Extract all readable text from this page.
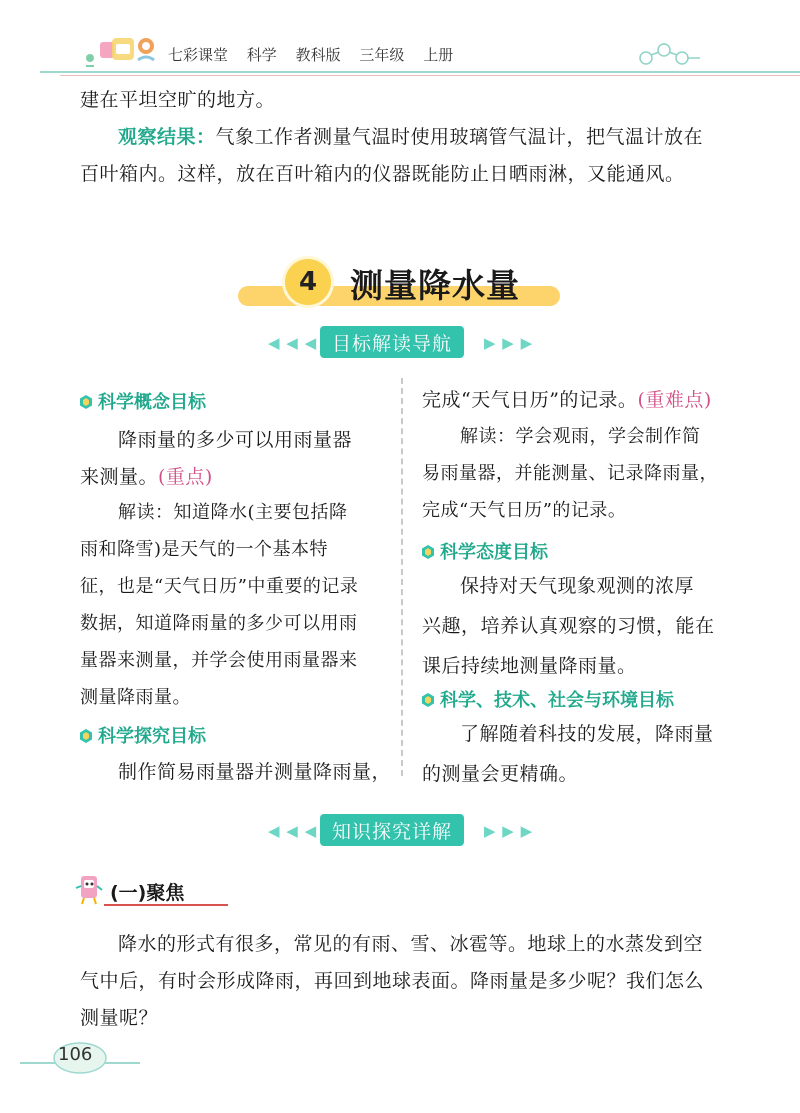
七彩课堂 科学 教科版 三年级 上册
建在平坦空旷的地方。
观察结果：气象工作者测量气温时使用玻璃管气温计，把气温计放在
百叶箱内。这样，放在百叶箱内的仪器既能防止日晒雨淋，又能通风。
4 测量降水量
◀ ◀ ◀ 目标解读导航	▶ ▶ ▶
科学概念目标
降雨量的多少可以用雨量器
来测量。(重点)
解读：知道降水(主要包括降
雨和降雪)是天气的一个基本特
征，也是“天气日历”中重要的记录
数据，知道降雨量的多少可以用雨
量器来测量，并学会使用雨量器来
测量降雨量。
科学探究目标
制作简易雨量器并测量降雨量，
完成“天气日历”的记录。(重难点)
解读：学会观雨，学会制作简
易雨量器，并能测量、记录降雨量，
完成“天气日历”的记录。
科学态度目标
保持对天气现象观测的浓厚
兴趣，培养认真观察的习惯，能在
课后持续地测量降雨量。
科学、技术、社会与环境目标
了解随着科技的发展，降雨量
的测量会更精确。
◀ ◀ ◀ 知识探究详解	▶ ▶ ▶
(一)聚焦
降水的形式有很多，常见的有雨、雪、冰雹等。地球上的水蒸发到空
气中后，有时会形成降雨，再回到地球表面。降雨量是多少呢？我们怎么
测量呢？
106
